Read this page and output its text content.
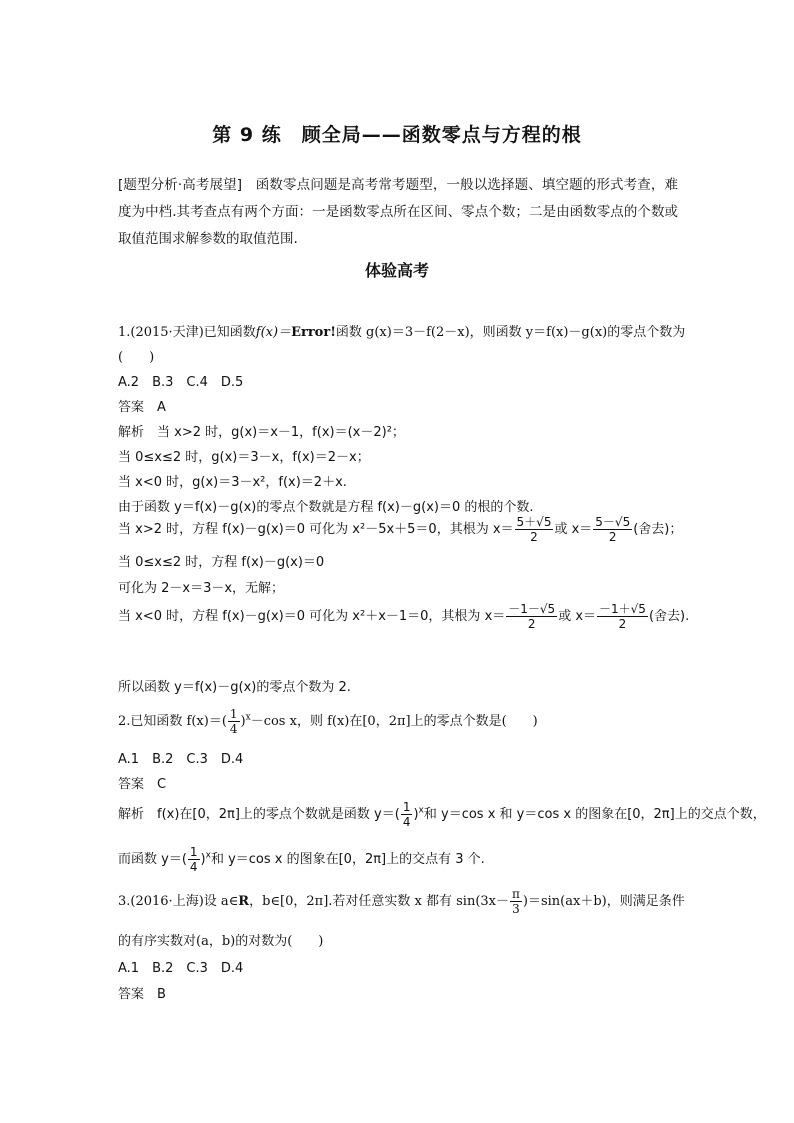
第 9 练　顾全局——函数零点与方程的根
[题型分析·高考展望]　函数零点问题是高考常考题型，一般以选择题、填空题的形式考查，难度为中档.其考查点有两个方面：一是函数零点所在区间、零点个数；二是由函数零点的个数或取值范围求解参数的取值范围.
体验高考
1.(2015·天津)已知函数f(x)＝Error!函数 g(x)＝3－f(2－x)，则函数 y＝f(x)－g(x)的零点个数为
(　　)
A.2　B.3　C.4　D.5
答案　A
解析　当 x>2 时，g(x)＝x－1，f(x)＝(x－2)²；
当 0≤x≤2 时，g(x)＝3－x，f(x)＝2－x；
当 x<0 时，g(x)＝3－x²，f(x)＝2＋x.
由于函数 y＝f(x)－g(x)的零点个数就是方程 f(x)－g(x)＝0 的根的个数.
当 x>2 时，方程 f(x)－g(x)＝0 可化为 x²－5x＋5＝0，其根为 $x= \frac{5+√5}{2}$ 或 $x= \frac{5-√5}{2}$ (舍去)；
当 0≤x≤2 时，方程 f(x)－g(x)＝0
可化为 2－x＝3－x，无解；
当 x<0 时，方程 f(x)－g(x)＝0 可化为 x²＋x－1＝0，其根为 $x= \frac{-1-√5}{2}$ 或 $x= \frac{-1+√5}{2}$ (舍去).
所以函数 y＝f(x)－g(x)的零点个数为 2.
2.已知函数 $f(x)=( \frac{1}{4} )^x-\cos$ x，则 f(x)在[0，2π]上的零点个数是(　　)
A.1　B.2　C.3　D.4
答案　C
解析　f(x)在[0，2π]上的零点个数就是函数 $y=( \frac{1}{4} )^x$和 y＝cos x 和 y＝cos x 的图象在[0，2π]上的交点个数，
而函数 $y=( \frac{1}{4} )^x$和 y＝cos x 的图象在[0，2π]上的交点有 3 个.
3.(2016·上海)设 a∈R，b∈[0，2π].若对任意实数 x 都有 $\sin(3x- \frac{\pi}{3} )=\sin(ax+b)$，则满足条件
的有序实数对(a，b)的对数为(　　)
A.1　B.2　C.3　D.4
答案　B
